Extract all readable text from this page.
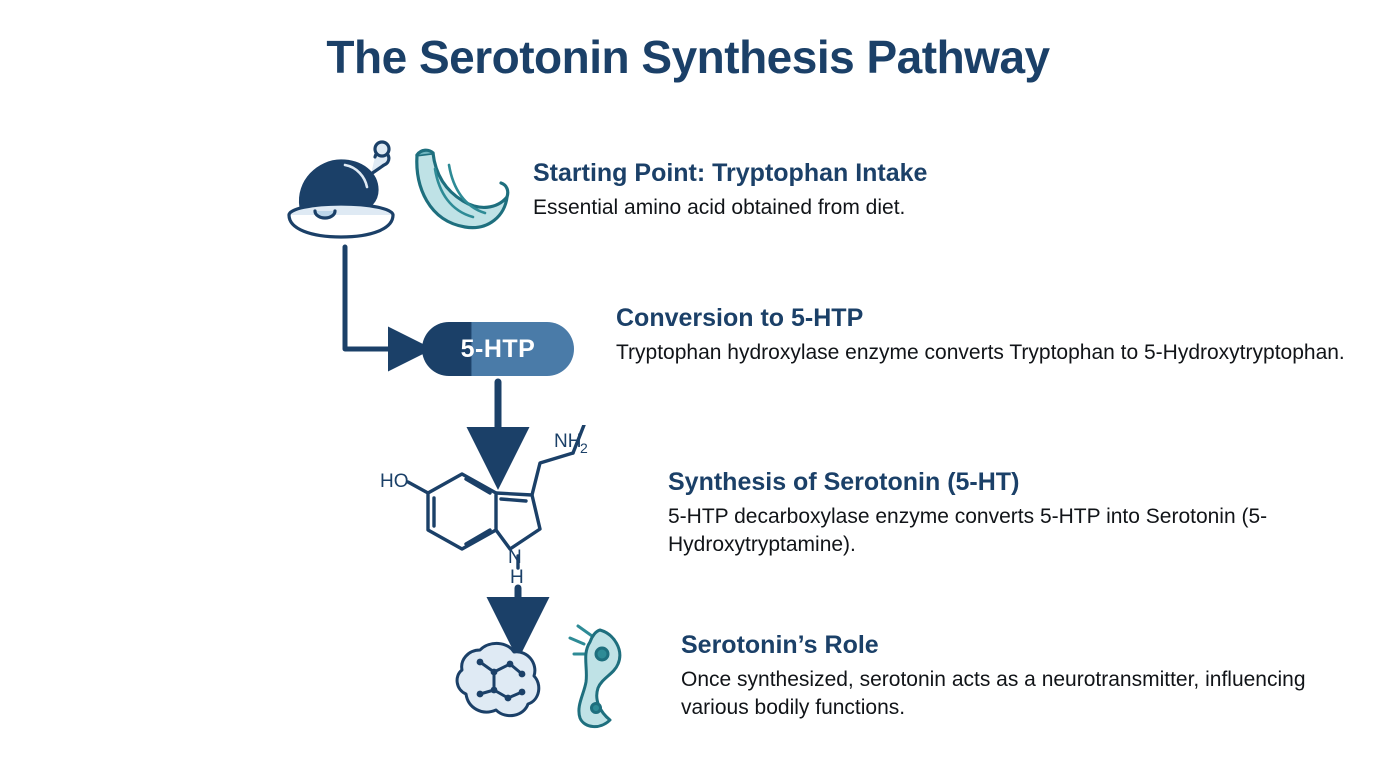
The Serotonin Synthesis Pathway
5-HTP
HO
N
H
NH
2

Starting Point: Tryptophan Intake

Essential amino acid obtained from diet.

Conversion to 5-HTP

Tryptophan hydroxylase enzyme converts Tryptophan to 5-Hydroxytryptophan.

Synthesis of Serotonin (5-HT)

5-HTP decarboxylase enzyme converts 5-HTP into Serotonin (5-Hydroxytryptamine).

Serotonin’s Role

Once synthesized, serotonin acts as a neurotransmitter, influencing various bodily functions.
